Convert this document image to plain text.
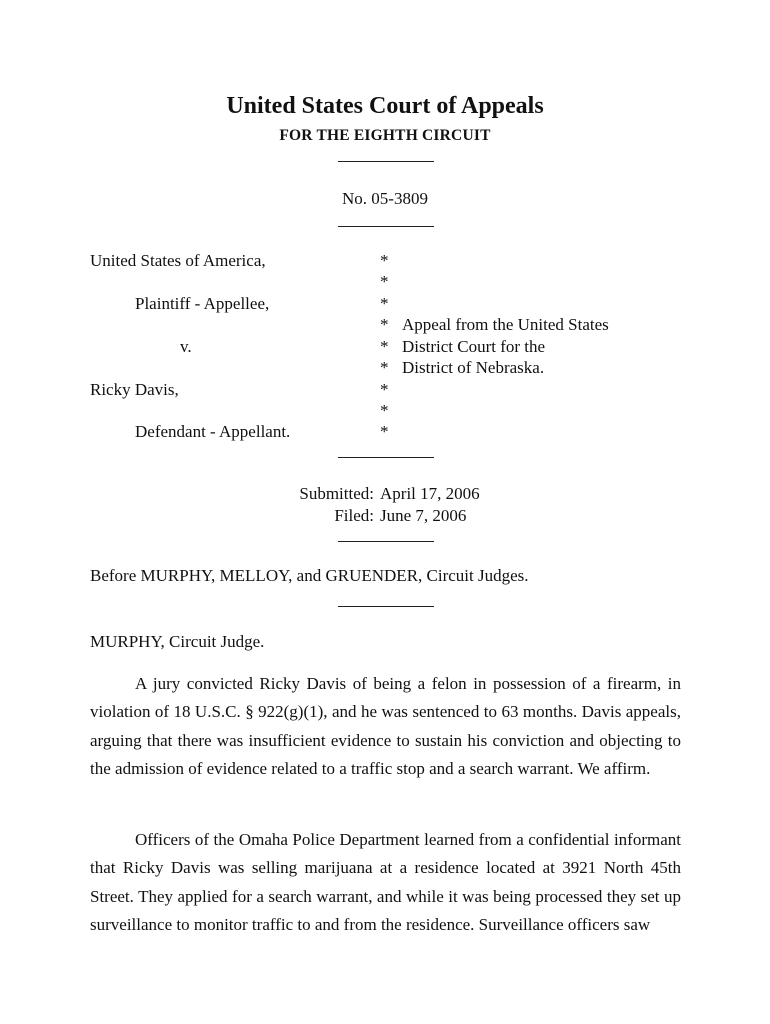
United States Court of Appeals
FOR THE EIGHTH CIRCUIT
No. 05-3809
United States of America,
Plaintiff - Appellee,
v.
Ricky Davis,
Defendant - Appellant.
*
*
*
*
*
*
*
*
*
Appeal from the United States
District Court for the
District of Nebraska.
Submitted: April 17, 2006
Filed: June 7, 2006
Before MURPHY, MELLOY, and GRUENDER, Circuit Judges.
MURPHY, Circuit Judge.

A jury convicted Ricky Davis of being a felon in possession of a firearm, in violation of 18 U.S.C. § 922(g)(1), and he was sentenced to 63 months. Davis appeals, arguing that there was insufficient evidence to sustain his conviction and objecting to the admission of evidence related to a traffic stop and a search warrant. We affirm.

Officers of the Omaha Police Department learned from a confidential informant that Ricky Davis was selling marijuana at a residence located at 3921 North 45th Street. They applied for a search warrant, and while it was being processed they set up surveillance to monitor traffic to and from the residence. Surveillance officers saw
